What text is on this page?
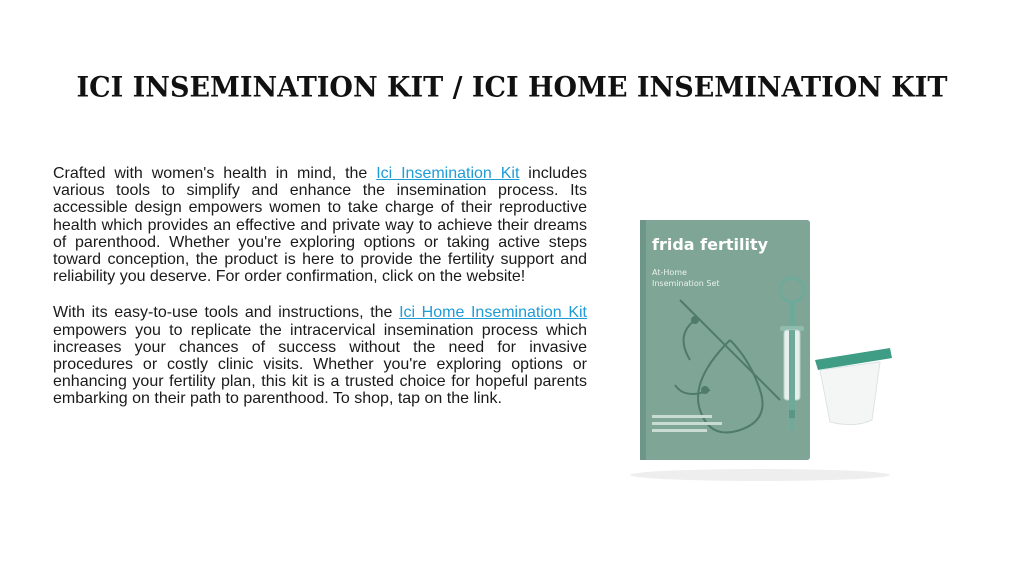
ICI INSEMINATION KIT / ICI HOME INSEMINATION KIT

Crafted with women's health in mind, the Ici Insemination Kit includes various tools to simplify and enhance the insemination process. Its accessible design empowers women to take charge of their reproductive health which provides an effective and private way to achieve their dreams of parenthood. Whether you're exploring options or taking active steps toward conception, the product is here to provide the fertility support and reliability you deserve. For order confirmation, click on the website!

With its easy-to-use tools and instructions, the Ici Home Insemination Kit empowers you to replicate the intracervical insemination process which increases your chances of success without the need for invasive procedures or costly clinic visits. Whether you're exploring options or enhancing your fertility plan, this kit is a trusted choice for hopeful parents embarking on their path to parenthood. To shop, tap on the link.

frida fertility
At-Home
Insemination Set
